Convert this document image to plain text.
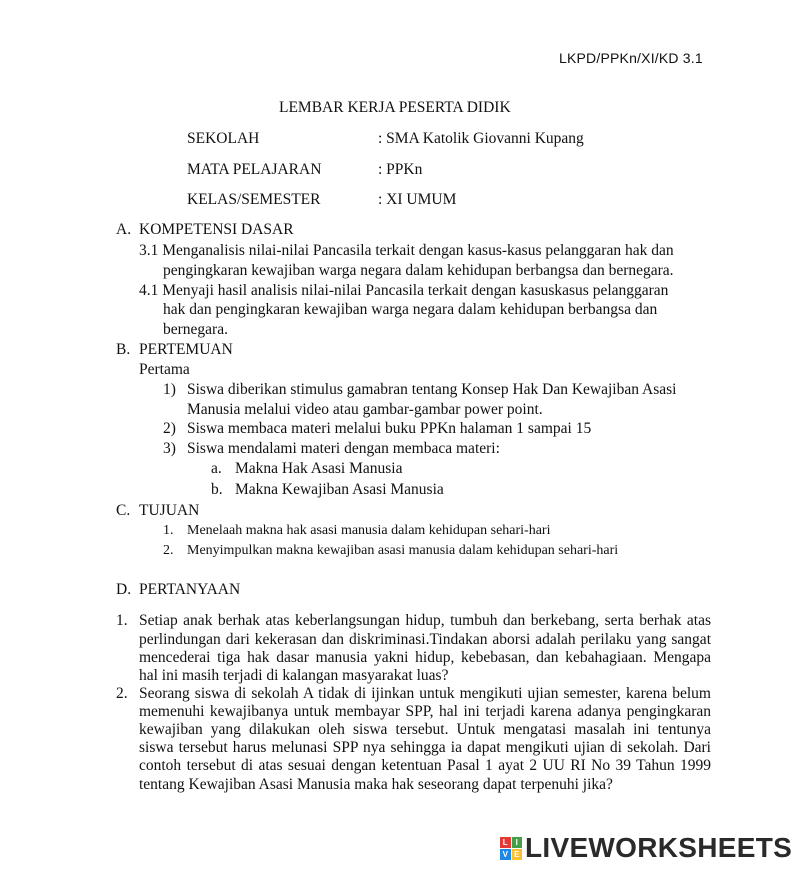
LKPD/PPKn/XI/KD 3.1
LEMBAR KERJA PESERTA DIDIK
SEKOLAH	: SMA Katolik Giovanni Kupang
MATA PELAJARAN	: PPKn
KELAS/SEMESTER	: XI UMUM
A. KOMPETENSI DASAR
3.1 Menganalisis nilai-nilai Pancasila terkait dengan kasus-kasus pelanggaran hak dan
pengingkaran kewajiban warga negara dalam kehidupan berbangsa dan bernegara.
4.1 Menyaji hasil analisis nilai-nilai Pancasila terkait dengan kasuskasus pelanggaran
hak dan pengingkaran kewajiban warga negara dalam kehidupan berbangsa dan
bernegara.
B. PERTEMUAN
Pertama
1) Siswa diberikan stimulus gamabran tentang Konsep Hak Dan Kewajiban Asasi
Manusia melalui video atau gambar-gambar power point.
2) Siswa membaca materi melalui buku PPKn halaman 1 sampai 15
3) Siswa mendalami materi dengan membaca materi:
a. Makna Hak Asasi Manusia
b. Makna Kewajiban Asasi Manusia
C. TUJUAN
1. Menelaah makna hak asasi manusia dalam kehidupan sehari-hari
2. Menyimpulkan makna kewajiban asasi manusia dalam kehidupan sehari-hari
D. PERTANYAAN
1. Setiap anak berhak atas keberlangsungan hidup, tumbuh dan berkebang, serta berhak atas
perlindungan dari kekerasan dan diskriminasi.Tindakan aborsi adalah perilaku yang sangat
mencederai tiga hak dasar manusia yakni hidup, kebebasan, dan kebahagiaan. Mengapa
hal ini masih terjadi di kalangan masyarakat luas?
2. Seorang siswa di sekolah A tidak di ijinkan untuk mengikuti ujian semester, karena belum
memenuhi kewajibanya untuk membayar SPP, hal ini terjadi karena adanya pengingkaran
kewajiban yang dilakukan oleh siswa tersebut. Untuk mengatasi masalah ini tentunya
siswa tersebut harus melunasi SPP nya sehingga ia dapat mengikuti ujian di sekolah. Dari
contoh tersebut di atas sesuai dengan ketentuan Pasal 1 ayat 2 UU RI No 39 Tahun 1999
tentang Kewajiban Asasi Manusia maka hak seseorang dapat terpenuhi jika?
L I
V E LIVEWORKSHEETS
